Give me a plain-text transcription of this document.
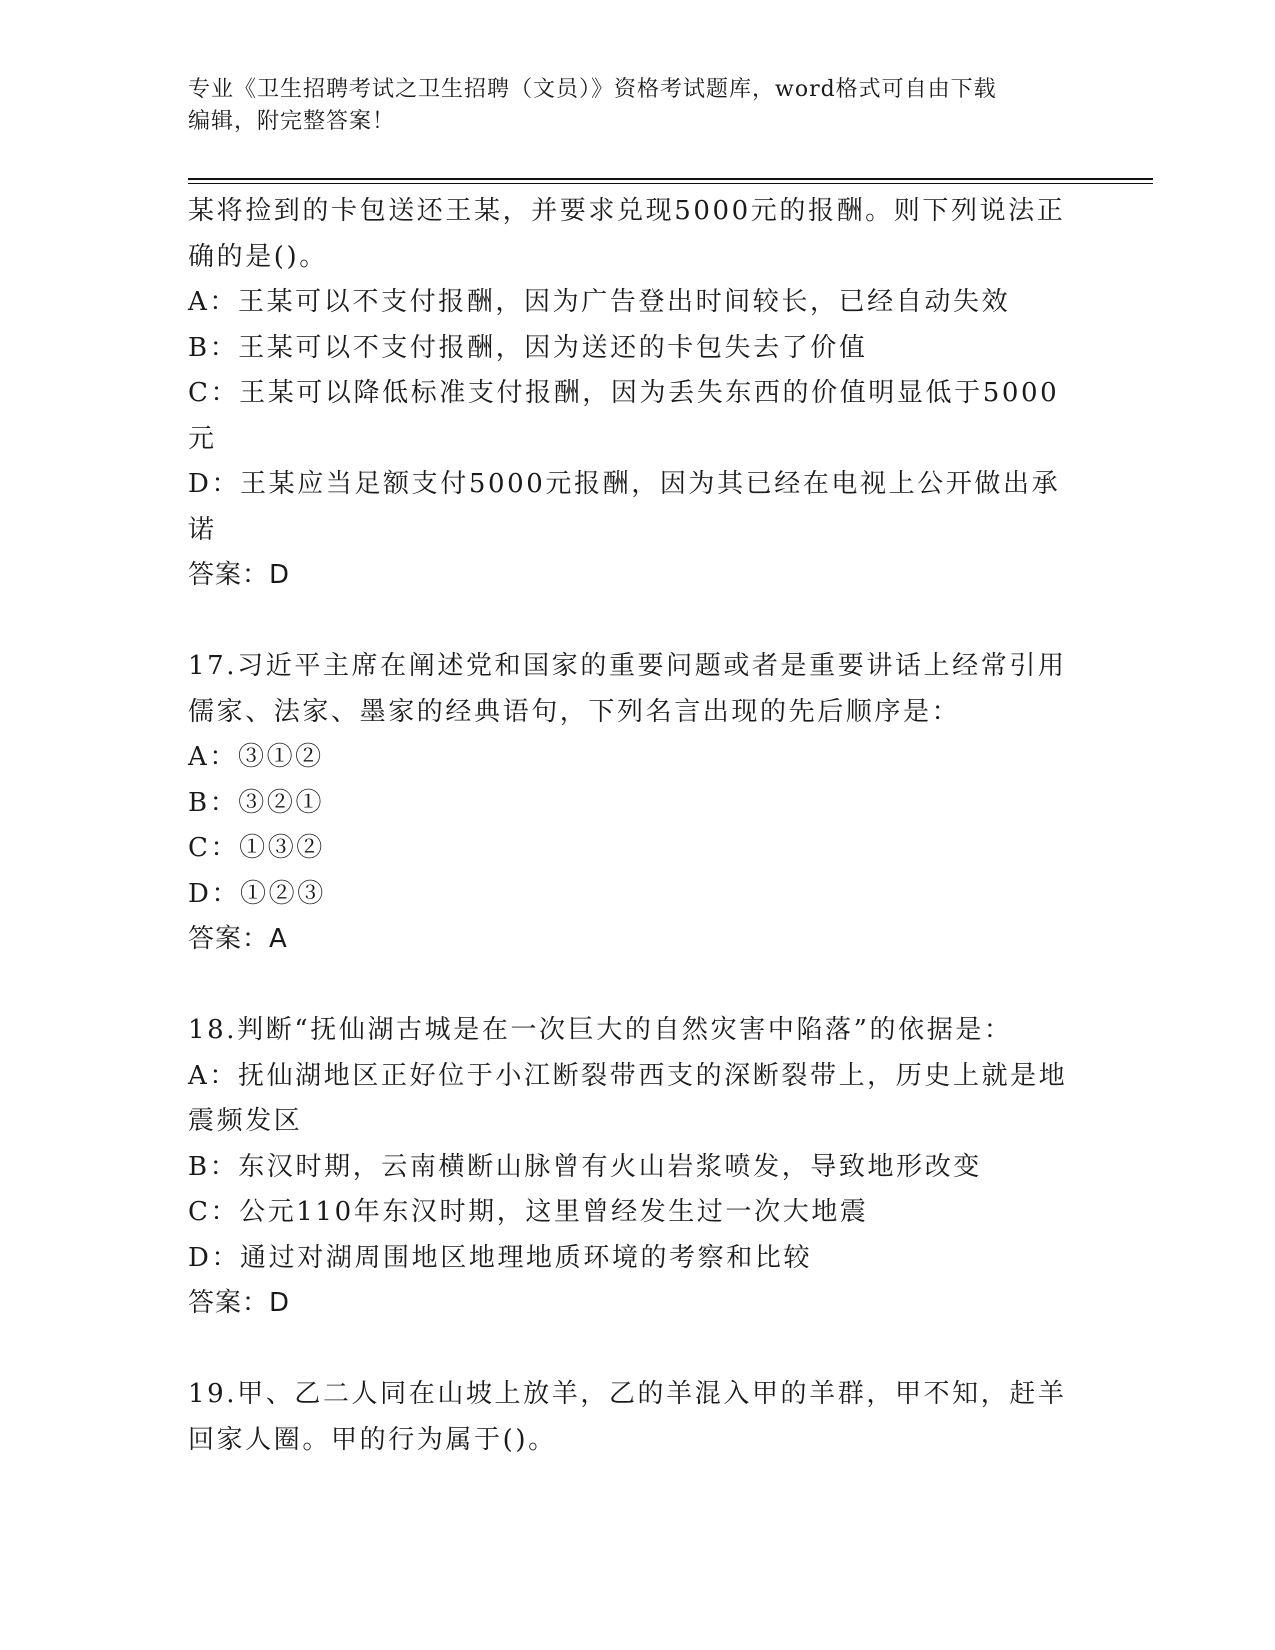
专业《卫生招聘考试之卫生招聘（文员）》资格考试题库，word格式可自由下载
编辑，附完整答案！

某将捡到的卡包送还王某，并要求兑现5000元的报酬。则下列说法正

确的是()。

A：王某可以不支付报酬，因为广告登出时间较长，已经自动失效

B：王某可以不支付报酬，因为送还的卡包失去了价值

C：王某可以降低标准支付报酬，因为丢失东西的价值明显低于5000

元

D：王某应当足额支付5000元报酬，因为其已经在电视上公开做出承

诺

答案：D

17.习近平主席在阐述党和国家的重要问题或者是重要讲话上经常引用

儒家、法家、墨家的经典语句，下列名言出现的先后顺序是：

A：③①②

B：③②①

C：①③②

D：①②③

答案：A

18.判断“抚仙湖古城是在一次巨大的自然灾害中陷落”的依据是：

A：抚仙湖地区正好位于小江断裂带西支的深断裂带上，历史上就是地

震频发区

B：东汉时期，云南横断山脉曾有火山岩浆喷发，导致地形改变

C：公元110年东汉时期，这里曾经发生过一次大地震

D：通过对湖周围地区地理地质环境的考察和比较

答案：D

19.甲、乙二人同在山坡上放羊，乙的羊混入甲的羊群，甲不知，赶羊

回家人圈。甲的行为属于()。
